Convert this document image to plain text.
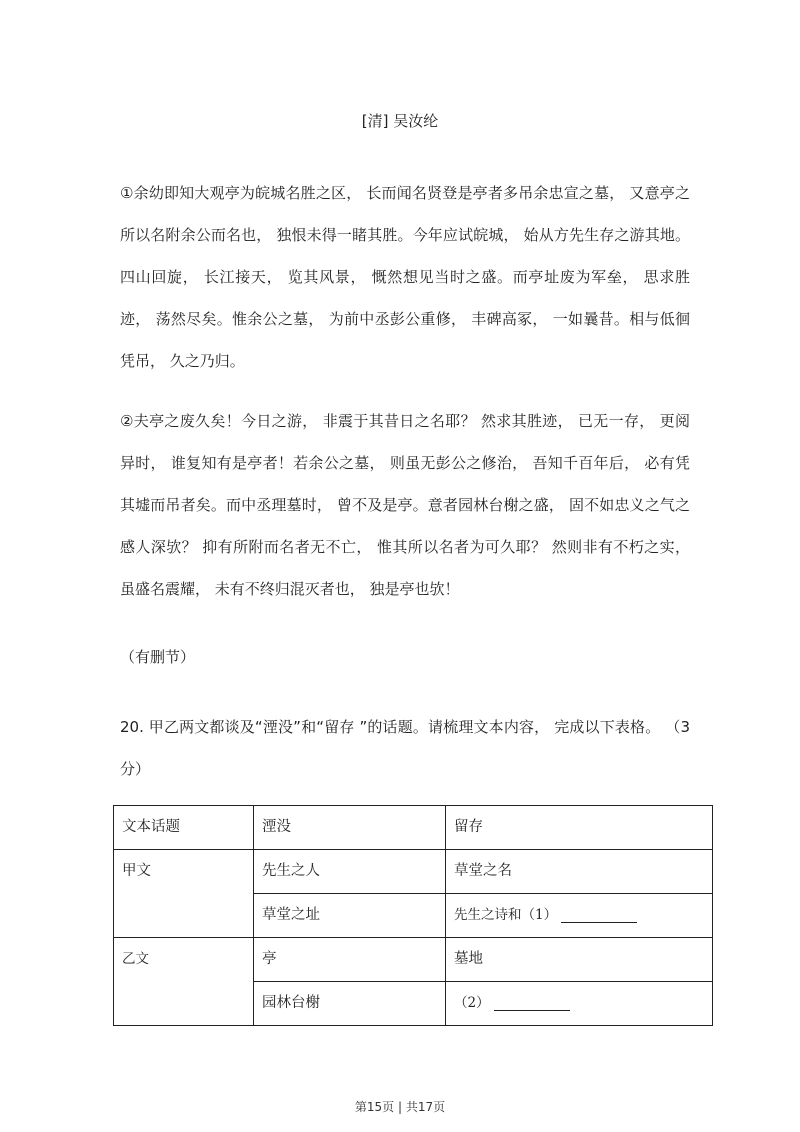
[清] 吴汝纶

①余幼即知大观亭为皖城名胜之区， 长而闻名贤登是亭者多吊余忠宣之墓， 又意亭之所以名附余公而名也， 独恨未得一睹其胜。今年应试皖城， 始从方先生存之游其地。四山回旋， 长江接天， 览其风景， 慨然想见当时之盛。而亭址废为军垒， 思求胜迹， 荡然尽矣。惟余公之墓， 为前中丞彭公重修， 丰碑高冢， 一如曩昔。相与低徊凭吊， 久之乃归。

②夫亭之废久矣！今日之游， 非震于其昔日之名耶？ 然求其胜迹， 已无一存， 更阅异时， 谁复知有是亭者！若余公之墓， 则虽无彭公之修治， 吾知千百年后， 必有凭其墟而吊者矣。而中丞理墓时， 曾不及是亭。意者园林台榭之盛， 固不如忠义之气之感人深欤？ 抑有所附而名者无不亡， 惟其所以名者为可久耶？ 然则非有不朽之实， 虽盛名震耀， 未有不终归混灭者也， 独是亭也欤！

（有删节）

20. 甲乙两文都谈及“湮没”和“留存 ”的话题。请梳理文本内容， 完成以下表格。 （3分）

文本话题	湮没	留存
甲文	先生之人	草堂之名
	草堂之址	先生之诗和（1）
乙文	亭	墓地
	园林台榭	（2）
第15页 | 共17页
